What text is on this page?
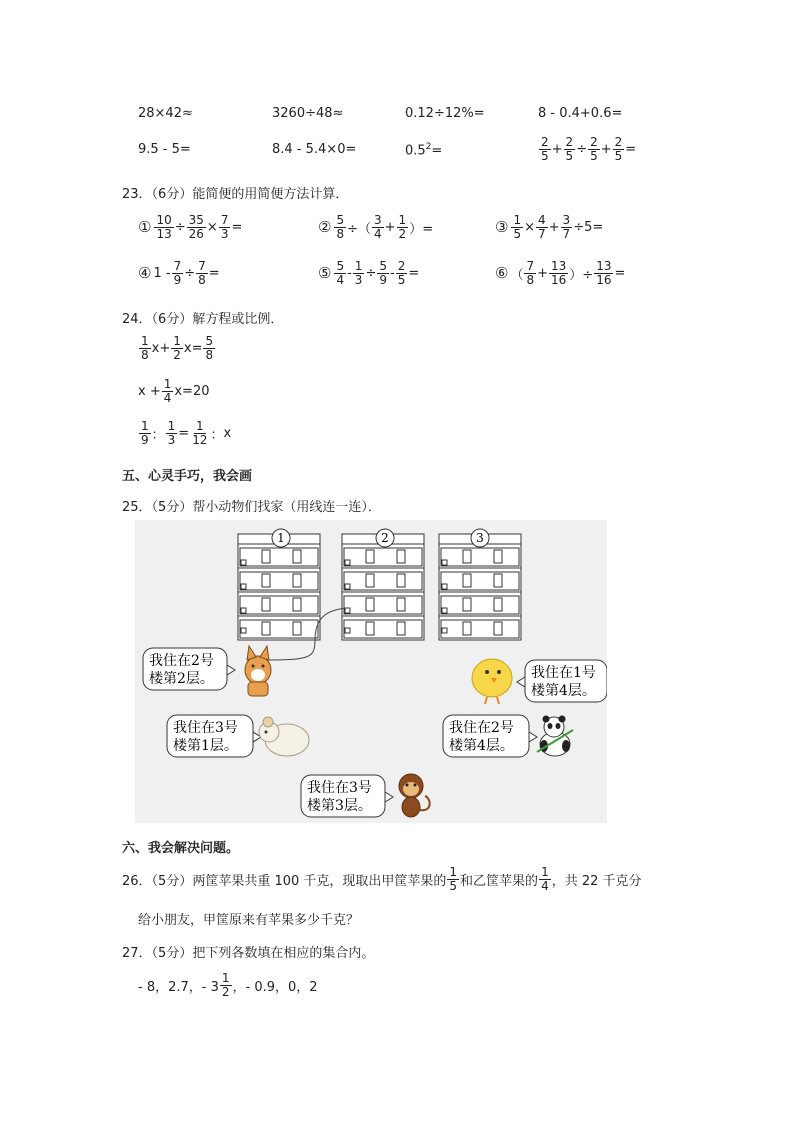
28×42≈	3260÷48≈	0.12÷12%=	8 - 0.4+0.6=
9.5 - 5=	8.4 - 5.4×0=	$0.5^2=$	$\frac{2}{5} + \frac{2}{5} \div \frac{2}{5} + \frac{2}{5}$ =
23．（6分）能简便的用简便方法计算．
① $\frac{10}{13} \div \frac{35}{26} \times \frac{7}{3}$ =	② $\frac{5}{8}$ ÷（ $\frac{3}{4} + \frac{1}{2}$ ）=	③ $\frac{1}{5} \times \frac{4}{7} + \frac{3}{7} \div 5=$
④ $1 - \frac{7}{9} \div \frac{7}{8}$ =	⑤ $\frac{5}{4} - \frac{1}{3} \div \frac{5}{9} - \frac{2}{5}$ =	⑥ （ $\frac{7}{8} + \frac{13}{16}$ ）÷ $\frac{13}{16}$ =
24．（6分）解方程或比例．
$\frac{1}{8} x+ \frac{1}{2} x= \frac{5}{8}$
$x + \frac{1}{4} x=20$
$\frac{1}{9}$ ： $\frac{1}{3} = \frac{1}{12}$ ： x
五、心灵手巧，我会画
25．（5分）帮小动物们找家（用线连一连）．
1	2	3
我住在2号
楼第2层。	我住在1号
楼第4层。
我住在3号
楼第1层。
我住在2号
楼第4层。
我住在3号
楼第3层。
六、我会解决问题。
26．（5分）两筐苹果共重 100 千克，现取出甲筐苹果的 $\frac{1}{5}$ 和乙筐苹果的 $\frac{1}{4}$ ，共 22 千克分
给小朋友，甲筐原来有苹果多少千克？
27．（5分）把下列各数填在相应的集合内。
- 8，2.7，- $3 \frac{1}{2}$ ，- 0.9，0，2
